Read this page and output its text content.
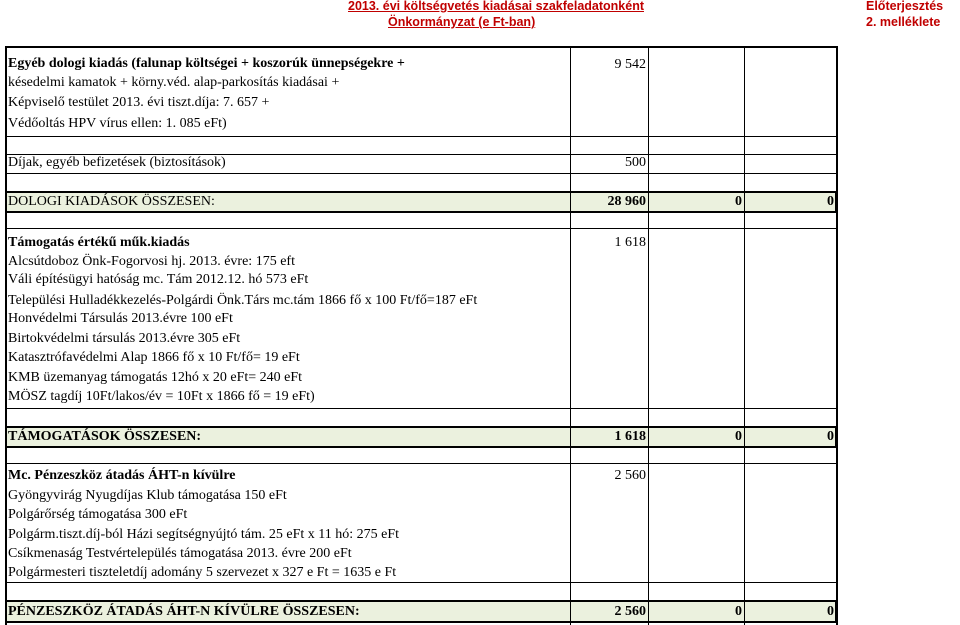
2013. évi költségvetés kiadásai szakfeladatonként
Önkormányzat (e Ft-ban)
Előterjesztés
2. melléklete
Egyéb dologi kiadás (falunap költségei + koszorúk ünnepségekre +	9 542
késedelmi kamatok + körny.véd. alap-parkosítás kiadásai +
Képviselő testület 2013. évi tiszt.díja: 7. 657 +
Védőoltás HPV vírus ellen: 1. 085 eFt)
Díjak, egyéb befizetések (biztosítások)	500
DOLOGI KIADÁSOK ÖSSZESEN:	28 960	0	0
Támogatás értékű műk.kiadás	1 618
Alcsútdoboz Önk-Fogorvosi hj. 2013. évre: 175 eft
Váli építésügyi hatóság mc. Tám 2012.12. hó 573 eFt
Települési Hulladékkezelés-Polgárdi Önk.Társ mc.tám 1866 fő x 100 Ft/fő=187 eFt
Honvédelmi Társulás 2013.évre 100 eFt
Birtokvédelmi társulás 2013.évre 305 eFt
Katasztrófavédelmi Alap 1866 fő x 10 Ft/fő= 19 eFt
KMB üzemanyag támogatás 12hó x 20 eFt= 240 eFt
MÖSZ tagdíj 10Ft/lakos/év = 10Ft x 1866 fő = 19 eFt)
TÁMOGATÁSOK ÖSSZESEN:	1 618	0	0
Mc. Pénzeszköz átadás ÁHT-n kívülre	2 560
Gyöngyvirág Nyugdíjas Klub támogatása 150 eFt
Polgárőrség támogatása 300 eFt
Polgárm.tiszt.díj-ból Házi segítségnyújtó tám. 25 eFt x 11 hó: 275 eFt
Csíkmenaság Testvértelepülés támogatása 2013. évre 200 eFt
Polgármesteri tiszteletdíj adomány 5 szervezet x 327 e Ft = 1635 e Ft
PÉNZESZKÖZ ÁTADÁS ÁHT-N KÍVÜLRE ÖSSZESEN:	2 560	0	0
